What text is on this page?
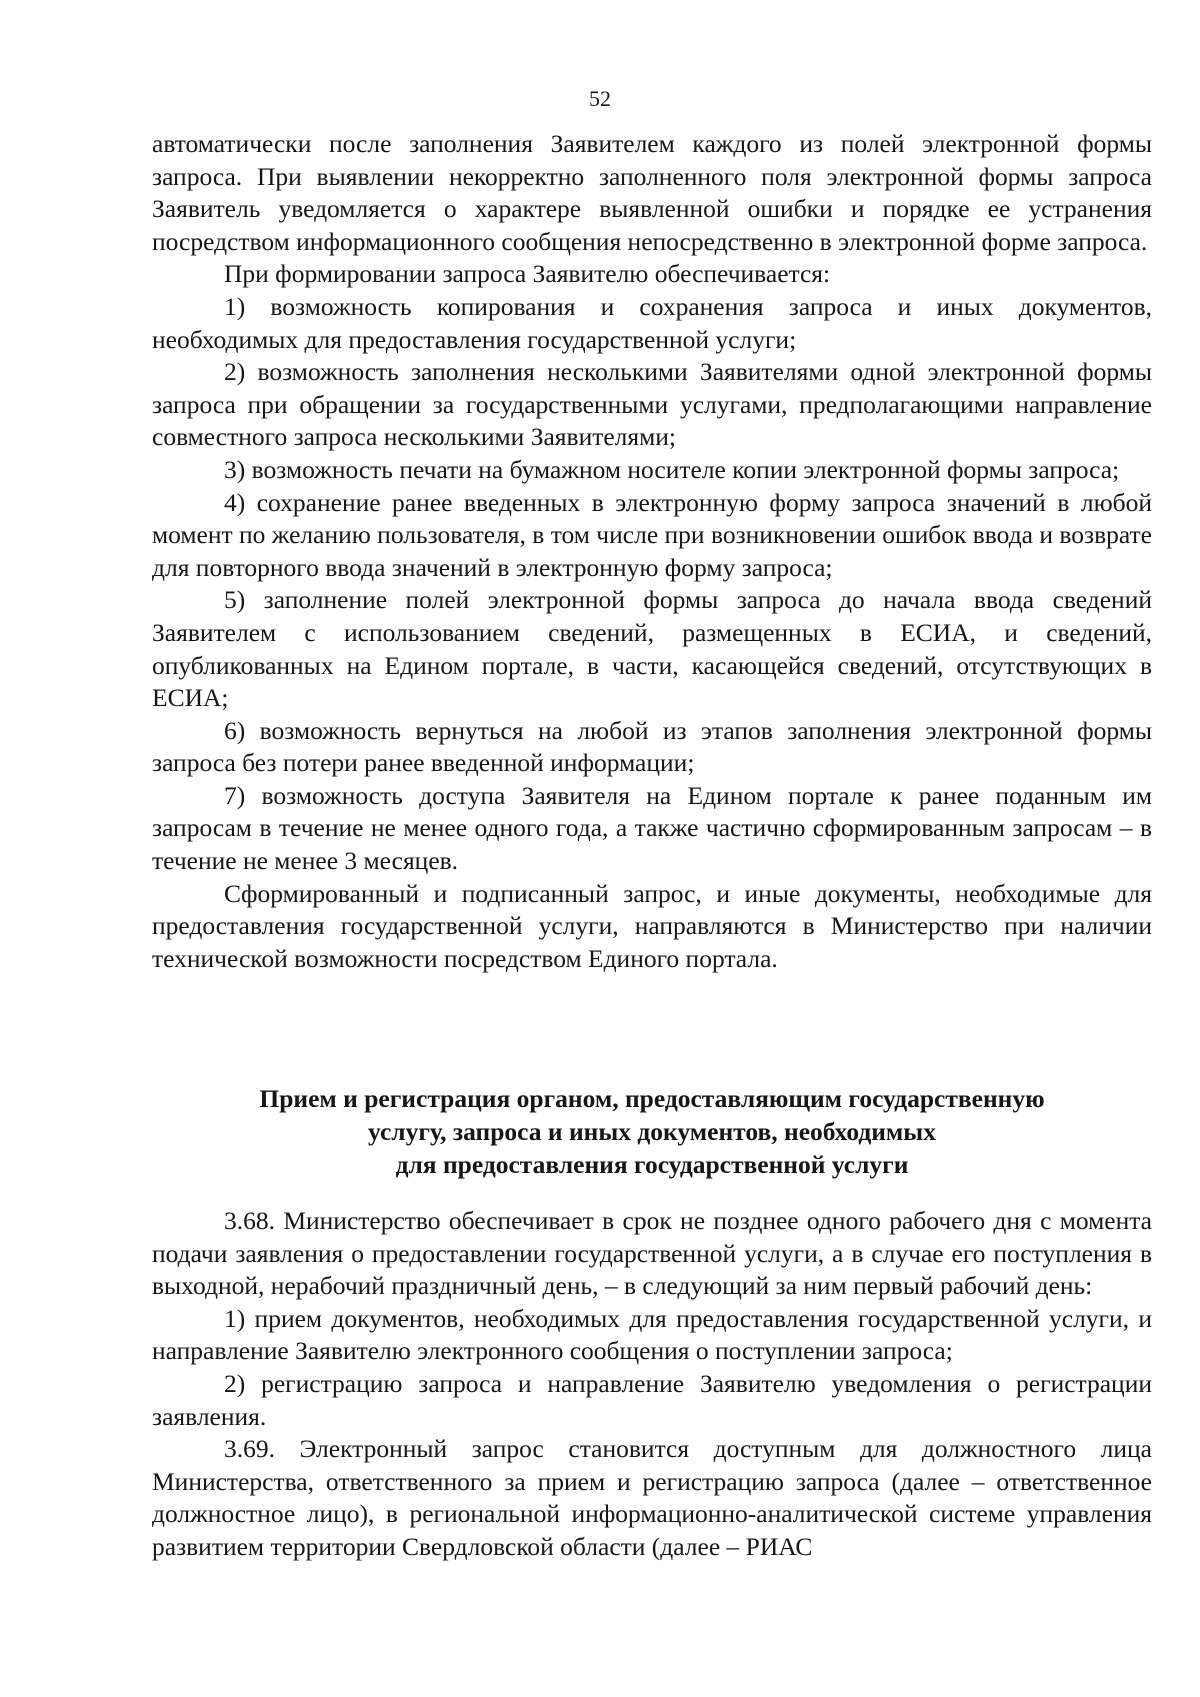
52

автоматически после заполнения Заявителем каждого из полей электронной формы запроса. При выявлении некорректно заполненного поля электронной формы запроса Заявитель уведомляется о характере выявленной ошибки и порядке ее устранения посредством информационного сообщения непосредственно в электронной форме запроса.

При формировании запроса Заявителю обеспечивается:

1) возможность копирования и сохранения запроса и иных документов, необходимых для предоставления государственной услуги;

2) возможность заполнения несколькими Заявителями одной электронной формы запроса при обращении за государственными услугами, предполагающими направление совместного запроса несколькими Заявителями;

3) возможность печати на бумажном носителе копии электронной формы запроса;

4) сохранение ранее введенных в электронную форму запроса значений в любой момент по желанию пользователя, в том числе при возникновении ошибок ввода и возврате для повторного ввода значений в электронную форму запроса;

5) заполнение полей электронной формы запроса до начала ввода сведений Заявителем с использованием сведений, размещенных в ЕСИА, и сведений, опубликованных на Едином портале, в части, касающейся сведений, отсутствующих в ЕСИА;

6) возможность вернуться на любой из этапов заполнения электронной формы запроса без потери ранее введенной информации;

7) возможность доступа Заявителя на Едином портале к ранее поданным им запросам в течение не менее одного года, а также частично сформированным запросам – в течение не менее 3 месяцев.

Сформированный и подписанный запрос, и иные документы, необходимые для предоставления государственной услуги, направляются в Министерство при наличии технической возможности посредством Единого портала.

Прием и регистрация органом, предоставляющим государственную
услугу, запроса и иных документов, необходимых
для предоставления государственной услуги

3.68. Министерство обеспечивает в срок не позднее одного рабочего дня с момента подачи заявления о предоставлении государственной услуги, а в случае его поступления в выходной, нерабочий праздничный день, – в следующий за ним первый рабочий день:

1) прием документов, необходимых для предоставления государственной услуги, и направление Заявителю электронного сообщения о поступлении запроса;

2) регистрацию запроса и направление Заявителю уведомления о регистрации заявления.

3.69. Электронный запрос становится доступным для должностного лица Министерства, ответственного за прием и регистрацию запроса (далее – ответственное должностное лицо), в региональной информационно-аналитической системе управления развитием территории Свердловской области (далее – РИАС
